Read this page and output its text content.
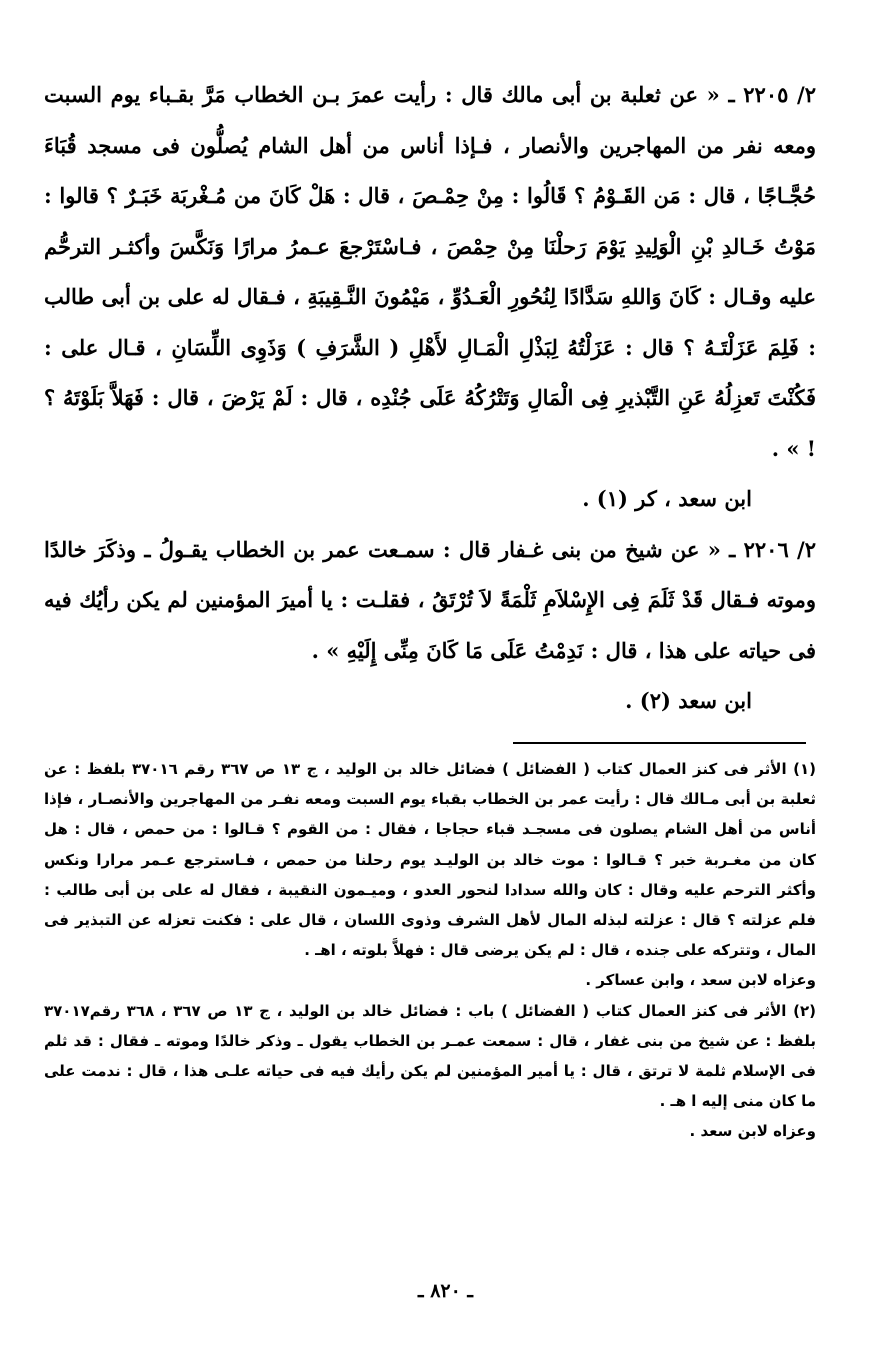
٢/ ٢٢٠٥ ـ « عن ثعلبة بن أبى مالك قال : رأيت عمرَ بـن الخطاب مَرَّ بقـباء يوم السبت ومعه نفر من المهاجرين والأنصار ، فـإذا أناس من أهل الشام يُصلُّون فى مسجد قُبَاءَ حُجَّـاجًا ، قال : مَن القَـوْمُ ؟ قَالُوا : مِنْ حِمْـصَ ، قال : هَلْ كَانَ من مُـغْربَة خَبَـرٌ ؟ قالوا : مَوْتُ خَـالدِ بْنِ الْوَلِيدِ يَوْمَ رَحلْنَا مِنْ حِمْصَ ، فـاسْتَرْجعَ عـمرُ مرارًا وَنَكَّسَ وأكثـر الترحُّم عليه وقـال : كَانَ وَاللهِ سَدَّادًا لِنُحُورِ الْعَـدُوِّ ، مَيْمُونَ النَّـقِيبَةِ ، فـقال له على بن أبى طالب : فَلِمَ عَزَلْتَـهُ ؟ قال : عَزَلْتُهُ لِبَذْلِ الْمَـالِ لأَهْلِ ( الشَّرَفِ ) وَذَوِى اللِّسَانِ ، قـال على : فَكُنْتَ تَعزِلُهُ عَنِ التَّبْذيرِ فِى الْمَالِ وَتَتْرُكُهُ عَلَى جُنْدِه ، قال : لَمْ يَرْضَ ، قال : فَهَلاَّ بَلَوْتَهُ ؟ ! » .

ابن سعد ، كر (١) .

٢/ ٢٢٠٦ ـ « عن شيخ من بنى غـفار قال : سمـعت عمر بن الخطاب يقـولُ ـ وذكَرَ خالدًا وموته فـقال قَدْ ثَلَمَ فِى الإِسْلاَمِ ثَلْمَةً لاَ تُرْتَقُ ، فقلـت : يا أميرَ المؤمنين لم يكن رأيُك فيه فى حياته على هذا ، قال : نَدِمْتُ عَلَى مَا كَانَ مِنِّى إِلَيْهِ » .

ابن سعد (٢) .

(١) الأثر فى كنز العمال كتاب ( الفضائل ) فضائل خالد بن الوليد ، ج ١٣ ص ٣٦٧ رقم ٣٧٠١٦ بلفظ : عن ثعلبة بن أبى مـالك قال : رأيت عمر بن الخطاب بقباء يوم السبت ومعه نفـر من المهاجرين والأنصـار ، فإذا أناس من أهل الشام يصلون فى مسجـد قباء حجاجا ، فقال : من القوم ؟ قـالوا : من حمص ، قال : هل كان من مغـربة خبر ؟ قـالوا : موت خالد بن الوليـد يوم رحلنا من حمص ، فـاسترجع عـمر مرارا ونكس وأكثر الترحم عليه وقال : كان والله سدادا لنحور العدو ، وميـمون النقيبة ، فقال له على بن أبى طالب : فلم عزلته ؟ قال : عزلته لبذله المال لأهل الشرف وذوى اللسان ، قال على : فكنت تعزله عن التبذير فى المال ، وتتركه على جنده ، قال : لم يكن يرضى قال : فهلاَّ بلوته ، اهـ .

وعزاه لابن سعد ، وابن عساكر .

(٢) الأثر فى كنز العمال كتاب ( الفضائل ) باب : فضائل خالد بن الوليد ، ج ١٣ ص ٣٦٧ ، ٣٦٨ رقم٣٧٠١٧ بلفظ : عن شيخ من بنى غفار ، قال : سمعت عمـر بن الخطاب يقول ـ وذكر خالدًا وموته ـ فقال : قد ثلم فى الإسلام ثلمة لا ترتق ، قال : يا أمير المؤمنين لم يكن رأيك فيه فى حياته علـى هذا ، قال : ندمت على ما كان منى إليه ا هـ .

وعزاه لابن سعد .

ـ ٨٢٠ ـ
